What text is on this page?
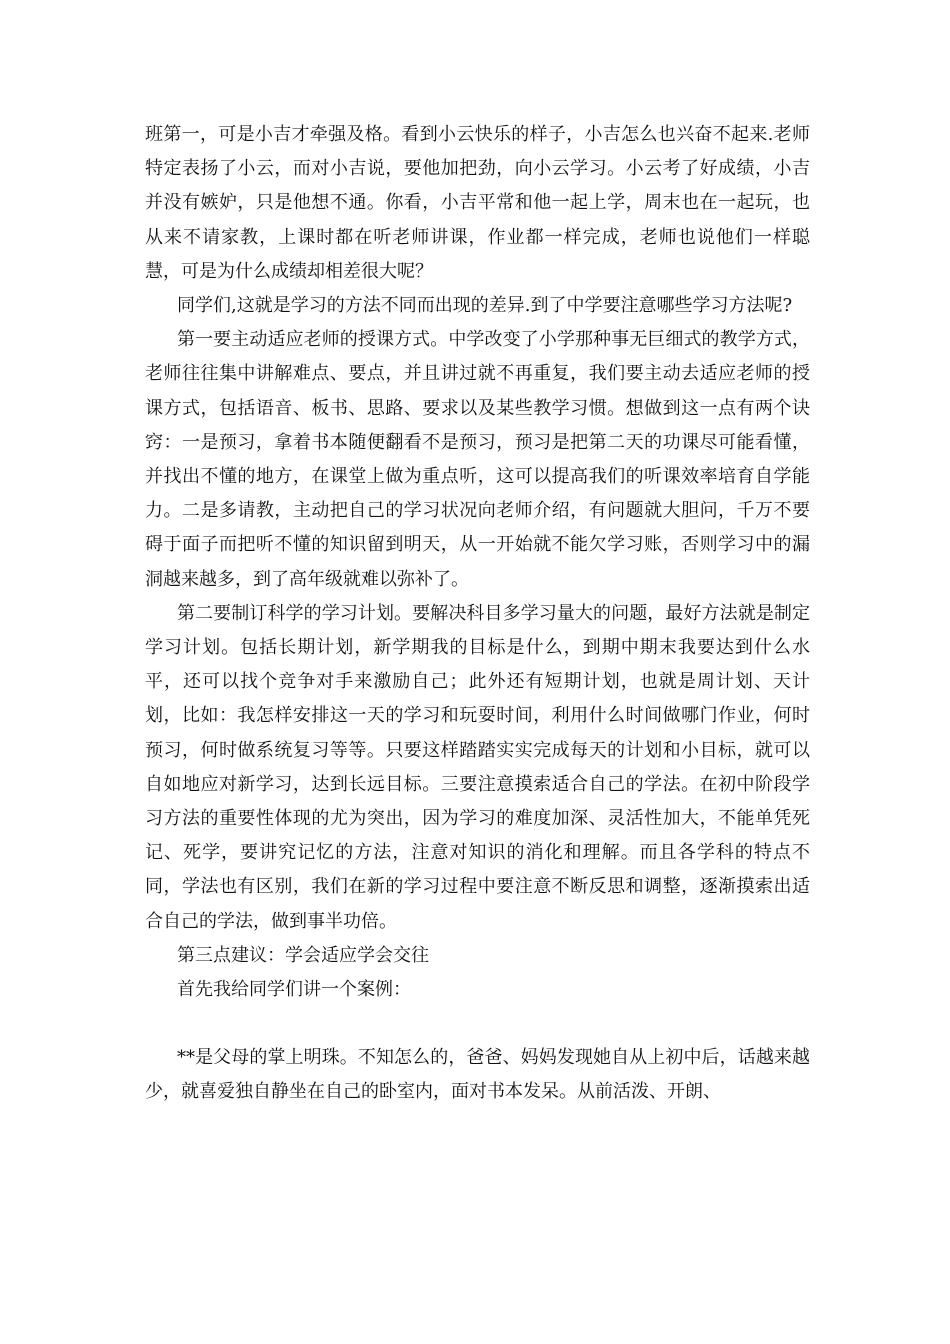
班第一，可是小吉才牵强及格。看到小云快乐的样子，小吉怎么也兴奋不起来.老师特定表扬了小云，而对小吉说，要他加把劲，向小云学习。小云考了好成绩，小吉并没有嫉妒，只是他想不通。你看，小吉平常和他一起上学，周末也在一起玩，也从来不请家教，上课时都在听老师讲课，作业都一样完成，老师也说他们一样聪慧，可是为什么成绩却相差很大呢？

同学们,这就是学习的方法不同而出现的差异.到了中学要注意哪些学习方法呢?

第一要主动适应老师的授课方式。中学改变了小学那种事无巨细式的教学方式，老师往往集中讲解难点、要点，并且讲过就不再重复，我们要主动去适应老师的授课方式，包括语音、板书、思路、要求以及某些教学习惯。想做到这一点有两个诀窍：一是预习，拿着书本随便翻看不是预习，预习是把第二天的功课尽可能看懂，并找出不懂的地方，在课堂上做为重点听，这可以提高我们的听课效率培育自学能力。二是多请教，主动把自己的学习状况向老师介绍，有问题就大胆问，千万不要碍于面子而把听不懂的知识留到明天，从一开始就不能欠学习账，否则学习中的漏洞越来越多，到了高年级就难以弥补了。

第二要制订科学的学习计划。要解决科目多学习量大的问题，最好方法就是制定学习计划。包括长期计划，新学期我的目标是什么，到期中期末我要达到什么水平，还可以找个竞争对手来激励自己；此外还有短期计划，也就是周计划、天计划，比如：我怎样安排这一天的学习和玩耍时间，利用什么时间做哪门作业，何时预习，何时做系统复习等等。只要这样踏踏实实完成每天的计划和小目标，就可以自如地应对新学习，达到长远目标。三要注意摸索适合自己的学法。在初中阶段学习方法的重要性体现的尤为突出，因为学习的难度加深、灵活性加大，不能单凭死记、死学，要讲究记忆的方法，注意对知识的消化和理解。而且各学科的特点不同，学法也有区别，我们在新的学习过程中要注意不断反思和调整，逐渐摸索出适合自己的学法，做到事半功倍。

第三点建议：学会适应学会交往

首先我给同学们讲一个案例：

**是父母的掌上明珠。不知怎么的，爸爸、妈妈发现她自从上初中后，话越来越少，就喜爱独自静坐在自己的卧室内，面对书本发呆。从前活泼、开朗、
